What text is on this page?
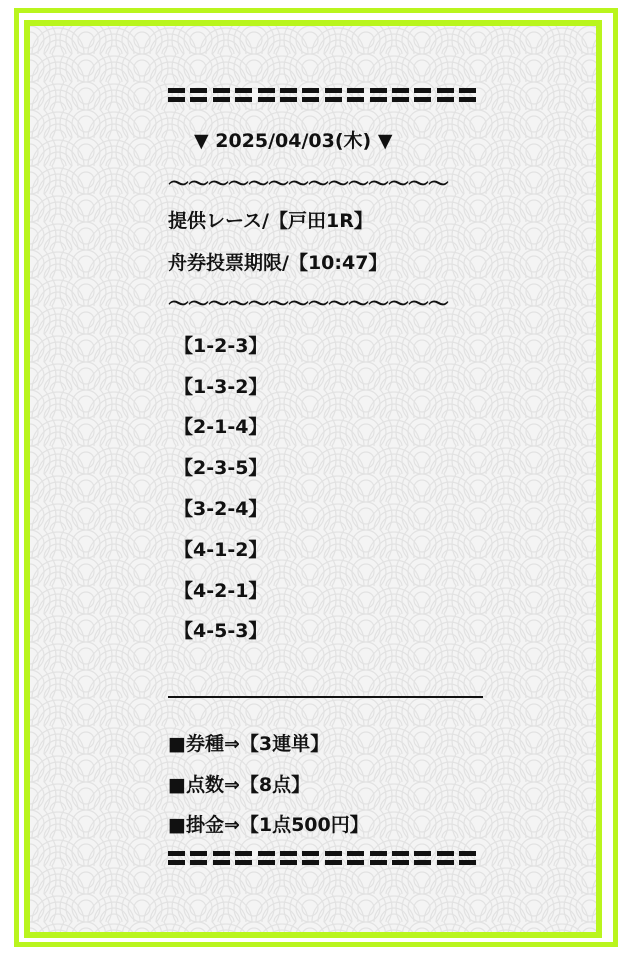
▼ 2025/04/03(木) ▼
〜〜〜〜〜〜〜〜〜〜〜〜〜〜
提供レース/【戸田1R】
舟券投票期限/【10:47】
〜〜〜〜〜〜〜〜〜〜〜〜〜〜
【1-2-3】
【1-3-2】
【2-1-4】
【2-3-5】
【3-2-4】
【4-1-2】
【4-2-1】
【4-5-3】
■券種⇒【3連単】
■点数⇒【8点】
■掛金⇒【1点500円】
